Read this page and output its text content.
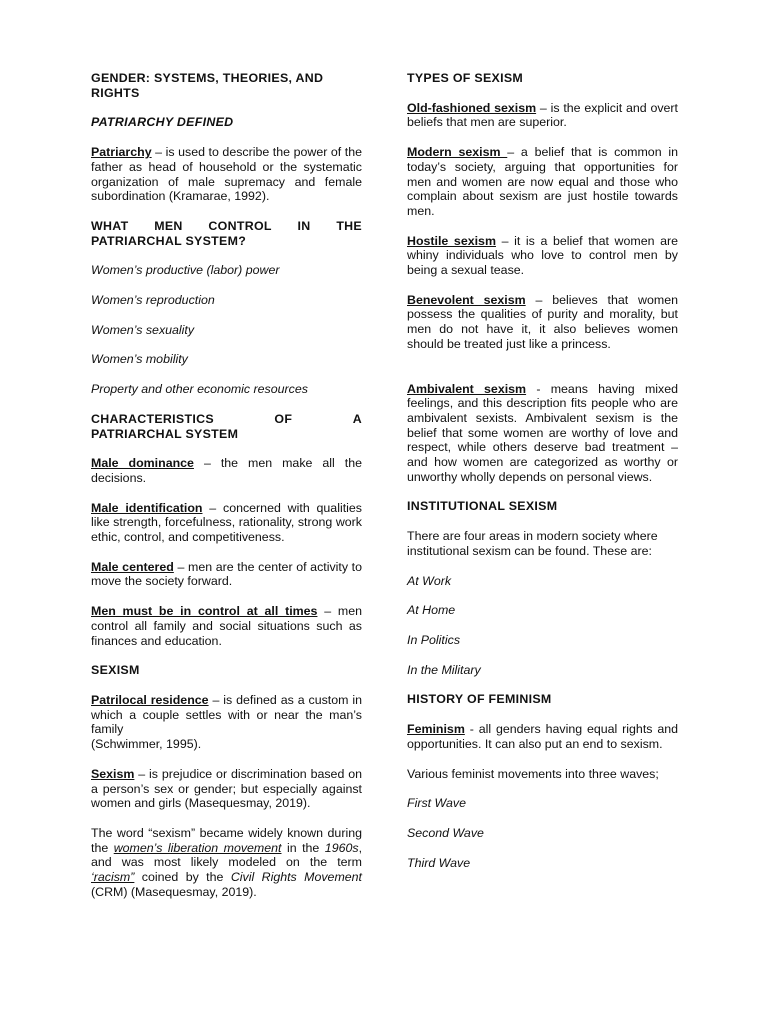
GENDER: SYSTEMS, THEORIES, AND
RIGHTS

PATRIARCHY DEFINED

Patriarchy – is used to describe the power of the father as head of household or the systematic organization of male supremacy and female subordination (Kramarae, 1992).

WHAT MEN CONTROL IN THE
PATRIARCHAL SYSTEM?

Women’s productive (labor) power

Women’s reproduction

Women’s sexuality

Women’s mobility

Property and other economic resources

CHARACTERISTICS	OF	A
PATRIARCHAL SYSTEM

Male dominance – the men make all the decisions.

Male identification – concerned with qualities like strength, forcefulness, rationality, strong work ethic, control, and competitiveness.

Male centered – men are the center of activity to move the society forward.

Men must be in control at all times – men control all family and social situations such as finances and education.

SEXISM

Patrilocal residence – is defined as a custom in which a couple settles with or near the man’s family

(Schwimmer, 1995).

Sexism – is prejudice or discrimination based on a person’s sex or gender; but especially against women and girls (Masequesmay, 2019).

The word “sexism” became widely known during the women’s liberation movement in the 1960s, and was most likely modeled on the term ‘racism” coined by the Civil Rights Movement (CRM) (Masequesmay, 2019).

TYPES OF SEXISM

Old-fashioned sexism – is the explicit and overt beliefs that men are superior.

Modern sexism – a belief that is common in today’s society, arguing that opportunities for men and women are now equal and those who complain about sexism are just hostile towards men.

Hostile sexism – it is a belief that women are whiny individuals who love to control men by being a sexual tease.

Benevolent sexism – believes that women possess the qualities of purity and morality, but men do not have it, it also believes women should be treated just like a princess.

Ambivalent sexism - means having mixed feelings, and this description fits people who are ambivalent sexists. Ambivalent sexism is the belief that some women are worthy of love and respect, while others deserve bad treatment – and how women are categorized as worthy or unworthy wholly depends on personal views.

INSTITUTIONAL SEXISM

There are four areas in modern society where institutional sexism can be found. These are:

At Work

At Home

In Politics

In the Military

HISTORY OF FEMINISM

Feminism - all genders having equal rights and opportunities. It can also put an end to sexism.

Various feminist movements into three waves;

First Wave

Second Wave

Third Wave
